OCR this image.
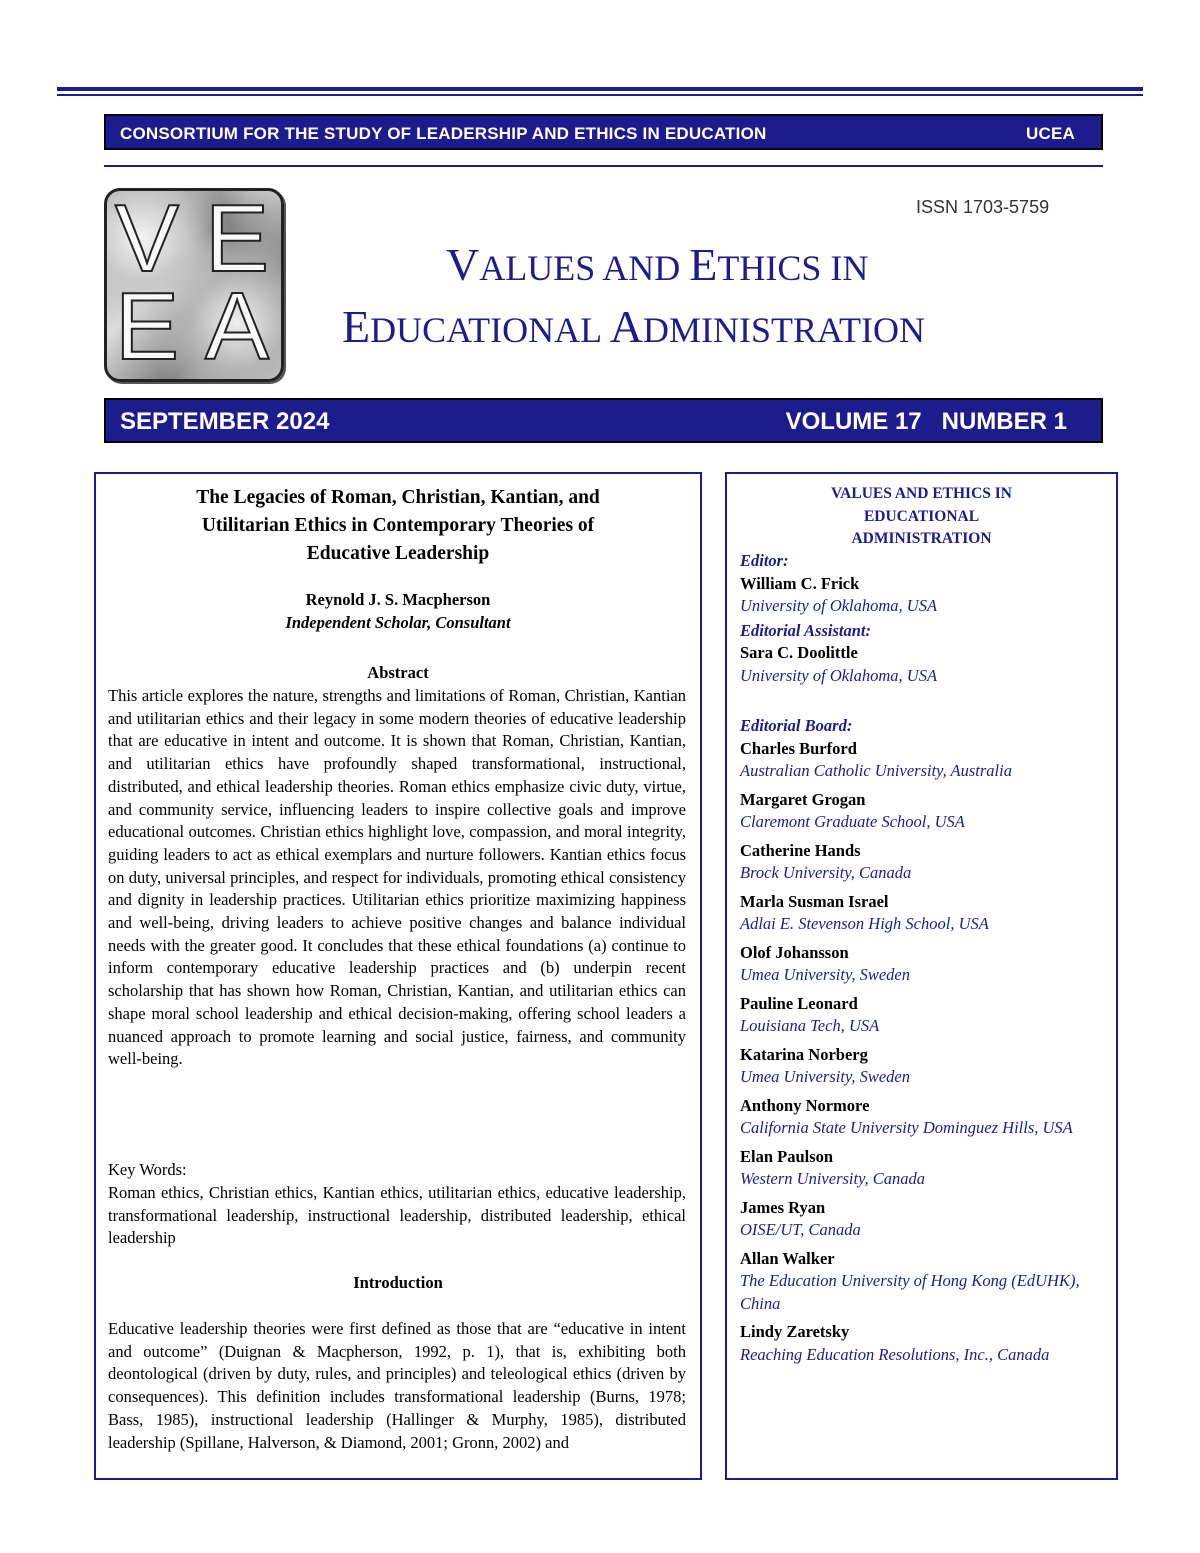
CONSORTIUM FOR THE STUDY OF LEADERSHIP AND ETHICS IN EDUCATION	UCEA
V E
E A
ISSN 1703-5759
VALUES AND ETHICS IN
EDUCATIONAL ADMINISTRATION
SEPTEMBER 2024	VOLUME 17   NUMBER 1
The Legacies of Roman, Christian, Kantian, and
Utilitarian Ethics in Contemporary Theories of
Educative Leadership
Reynold J. S. Macpherson
Independent Scholar, Consultant
Abstract
This article explores the nature, strengths and limitations of Roman, Christian, Kantian and utilitarian ethics and their legacy in some modern theories of educative leadership that are educative in intent and outcome. It is shown that Roman, Christian, Kantian, and utilitarian ethics have profoundly shaped transformational, instructional, distributed, and ethical leadership theories. Roman ethics emphasize civic duty, virtue, and community service, influencing leaders to inspire collective goals and improve educational outcomes. Christian ethics highlight love, compassion, and moral integrity, guiding leaders to act as ethical exemplars and nurture followers. Kantian ethics focus on duty, universal principles, and respect for individuals, promoting ethical consistency and dignity in leadership practices. Utilitarian ethics prioritize maximizing happiness and well-being, driving leaders to achieve positive changes and balance individual needs with the greater good. It concludes that these ethical foundations (a) continue to inform contemporary educative leadership practices and (b) underpin recent scholarship that has shown how Roman, Christian, Kantian, and utilitarian ethics can shape moral school leadership and ethical decision-making, offering school leaders a nuanced approach to promote learning and social justice, fairness, and community well-being.
Key Words:
Roman ethics, Christian ethics, Kantian ethics, utilitarian ethics, educative leadership, transformational leadership, instructional leadership, distributed leadership, ethical leadership
Introduction
Educative leadership theories were first defined as those that are “educative in intent and outcome” (Duignan & Macpherson, 1992, p. 1), that is, exhibiting both deontological (driven by duty, rules, and principles) and teleological ethics (driven by consequences). This definition includes transformational leadership (Burns, 1978; Bass, 1985), instructional leadership (Hallinger & Murphy, 1985), distributed leadership (Spillane, Halverson, & Diamond, 2001; Gronn, 2002) and
VALUES AND ETHICS IN
EDUCATIONAL
ADMINISTRATION
Editor:
William C. Frick
University of Oklahoma, USA
Editorial Assistant:
Sara C. Doolittle
University of Oklahoma, USA
Editorial Board:
Charles Burford
Australian Catholic University, Australia
Margaret Grogan
Claremont Graduate School, USA
Catherine Hands
Brock University, Canada
Marla Susman Israel
Adlai E. Stevenson High School, USA
Olof Johansson
Umea University, Sweden
Pauline Leonard
Louisiana Tech, USA
Katarina Norberg
Umea University, Sweden
Anthony Normore
California State University Dominguez Hills, USA
Elan Paulson
Western University, Canada
James Ryan
OISE/UT, Canada
Allan Walker
The Education University of Hong Kong (EdUHK), China
Lindy Zaretsky
Reaching Education Resolutions, Inc., Canada
